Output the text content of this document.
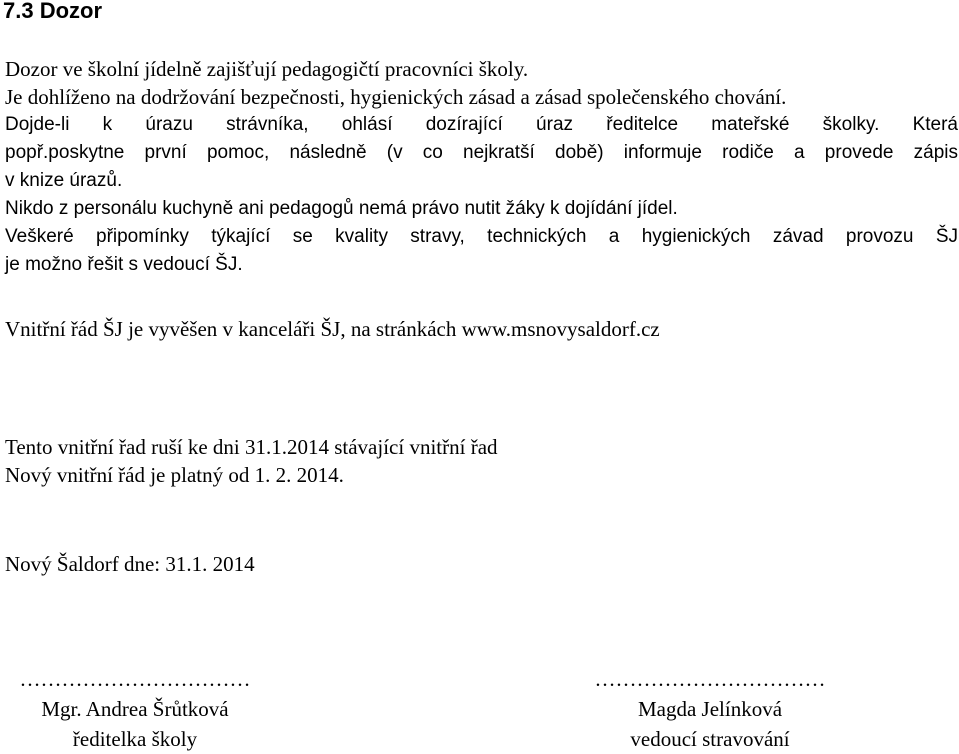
7.3 Dozor
Dozor ve školní jídelně zajišťují pedagogičtí pracovníci školy.
Je dohlíženo na dodržování bezpečnosti, hygienických zásad a zásad společenského chování.
Dojde-li k úrazu strávníka, ohlásí dozírající úraz ředitelce mateřské školky. Která
popř.poskytne první pomoc, následně (v co nejkratší době) informuje rodiče a provede zápis
v knize úrazů.
Nikdo z personálu kuchyně ani pedagogů nemá právo nutit žáky k dojídání jídel.
Veškeré připomínky týkající se kvality stravy, technických a hygienických závad provozu ŠJ
je možno řešit s vedoucí ŠJ.
Vnitřní řád ŠJ je vyvěšen v kanceláři ŠJ, na stránkách www.msnovysaldorf.cz
Tento vnitřní řad ruší ke dni 31.1.2014 stávající vnitřní řad
Nový vnitřní řád je platný od 1. 2. 2014.
Nový Šaldorf dne: 31.1. 2014
……………………………
Mgr. Andrea Šrůtková
ředitelka školy
……………………………
Magda Jelínková
vedoucí stravování
